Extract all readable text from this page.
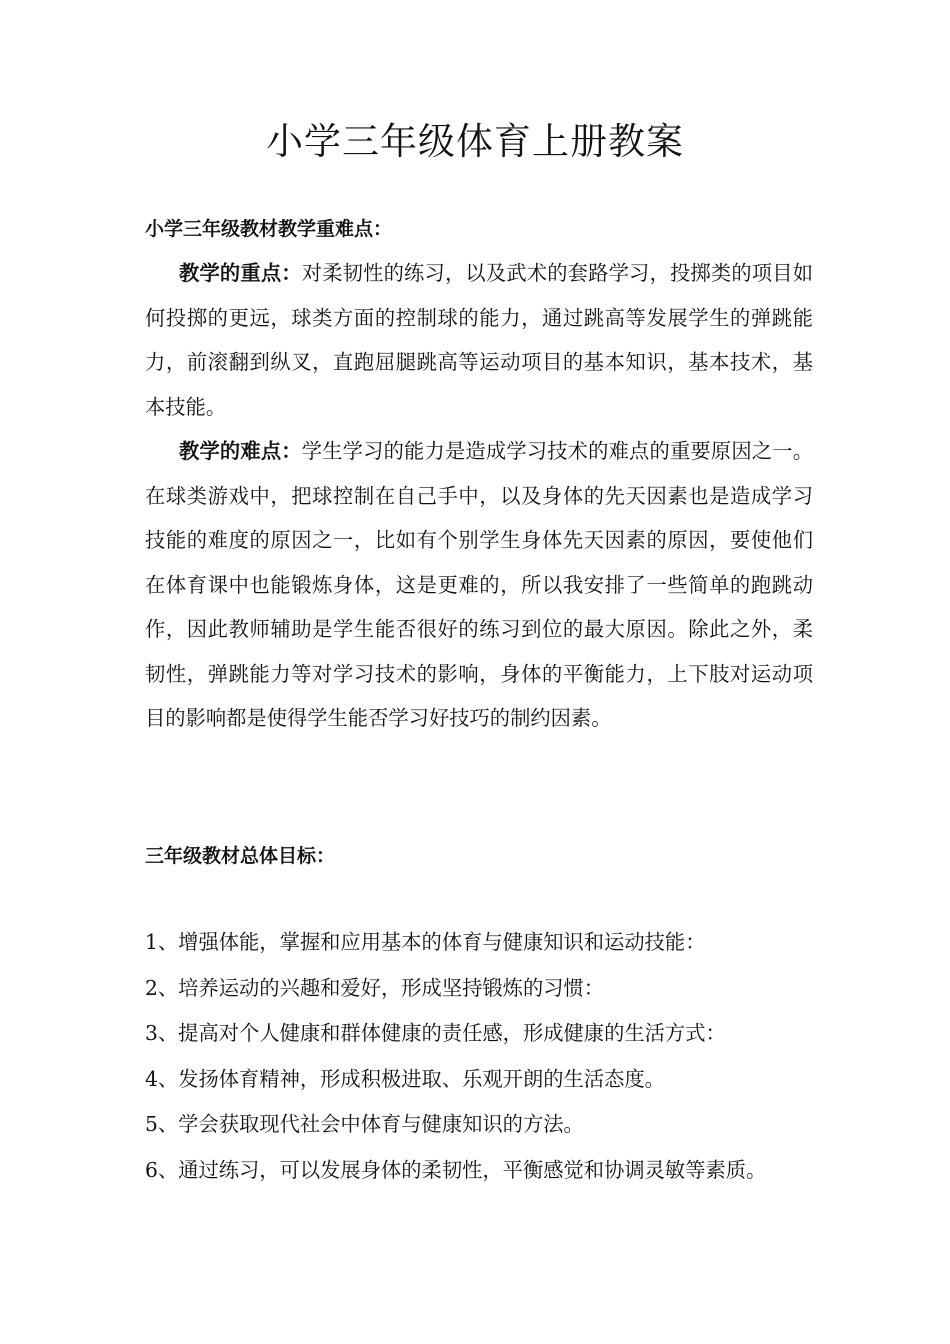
小学三年级体育上册教案
小学三年级教材教学重难点：

教学的重点：对柔韧性的练习，以及武术的套路学习，投掷类的项目如何投掷的更远，球类方面的控制球的能力，通过跳高等发展学生的弹跳能力，前滚翻到纵叉，直跑屈腿跳高等运动项目的基本知识，基本技术，基本技能。

教学的难点：学生学习的能力是造成学习技术的难点的重要原因之一。在球类游戏中，把球控制在自己手中，以及身体的先天因素也是造成学习技能的难度的原因之一，比如有个别学生身体先天因素的原因，要使他们在体育课中也能锻炼身体，这是更难的，所以我安排了一些简单的跑跳动作，因此教师辅助是学生能否很好的练习到位的最大原因。除此之外，柔韧性，弹跳能力等对学习技术的影响，身体的平衡能力，上下肢对运动项目的影响都是使得学生能否学习好技巧的制约因素。

三年级教材总体目标：
1、增强体能，掌握和应用基本的体育与健康知识和运动技能：
2、培养运动的兴趣和爱好，形成坚持锻炼的习惯：
3、提高对个人健康和群体健康的责任感，形成健康的生活方式：
4、发扬体育精神，形成积极进取、乐观开朗的生活态度。
5、学会获取现代社会中体育与健康知识的方法。
6、通过练习，可以发展身体的柔韧性，平衡感觉和协调灵敏等素质。
